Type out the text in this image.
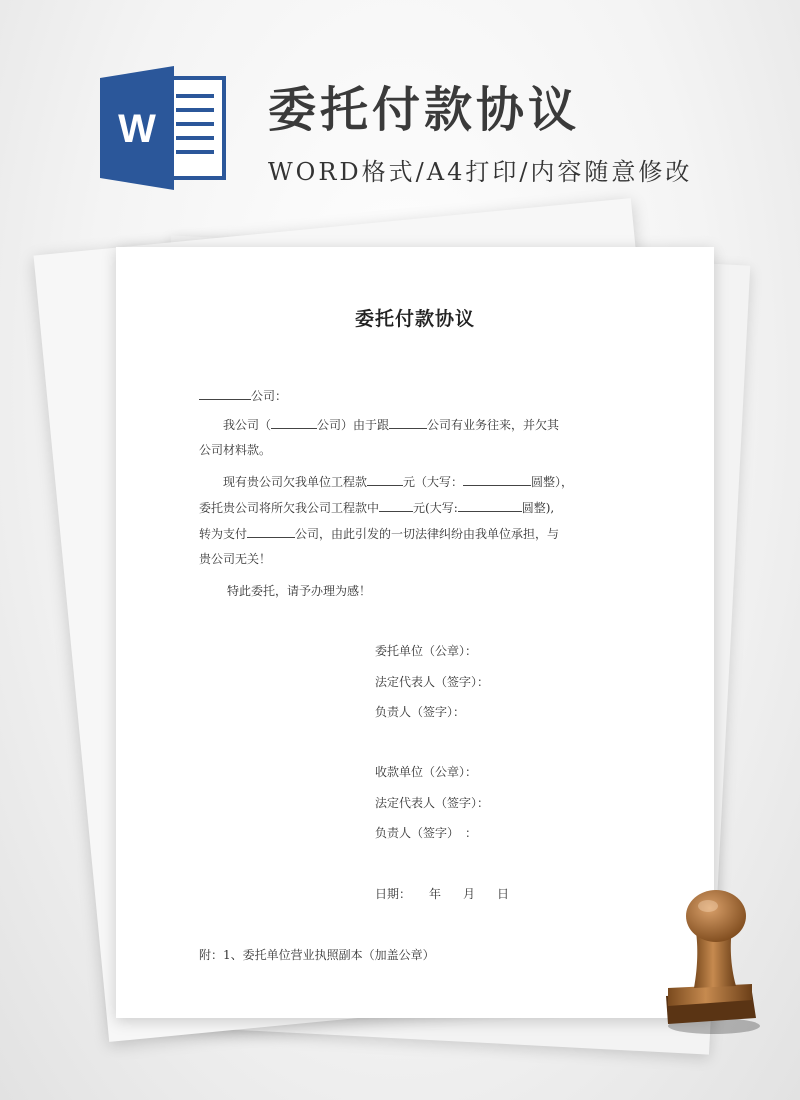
W 委托付款协议
WORD格式/A4打印/内容随意修改
委托付款协议
公司：
我公司（	公司）由于跟	公司有业务往来，并欠其
公司材料款。
现有贵公司欠我单位工程款	元（大写：	圆整），
委托贵公司将所欠我公司工程款中	元(大写:	圆整),
转为支付	公司，由此引发的一切法律纠纷由我单位承担，与
贵公司无关！
特此委托，请予办理为感！
委托单位（公章）：
法定代表人（签字）：
负责人（签字）：
收款单位（公章）：
法定代表人（签字）：
负责人（签字）　：
日期： 年 月 日
附：1、委托单位营业执照副本（加盖公章）
